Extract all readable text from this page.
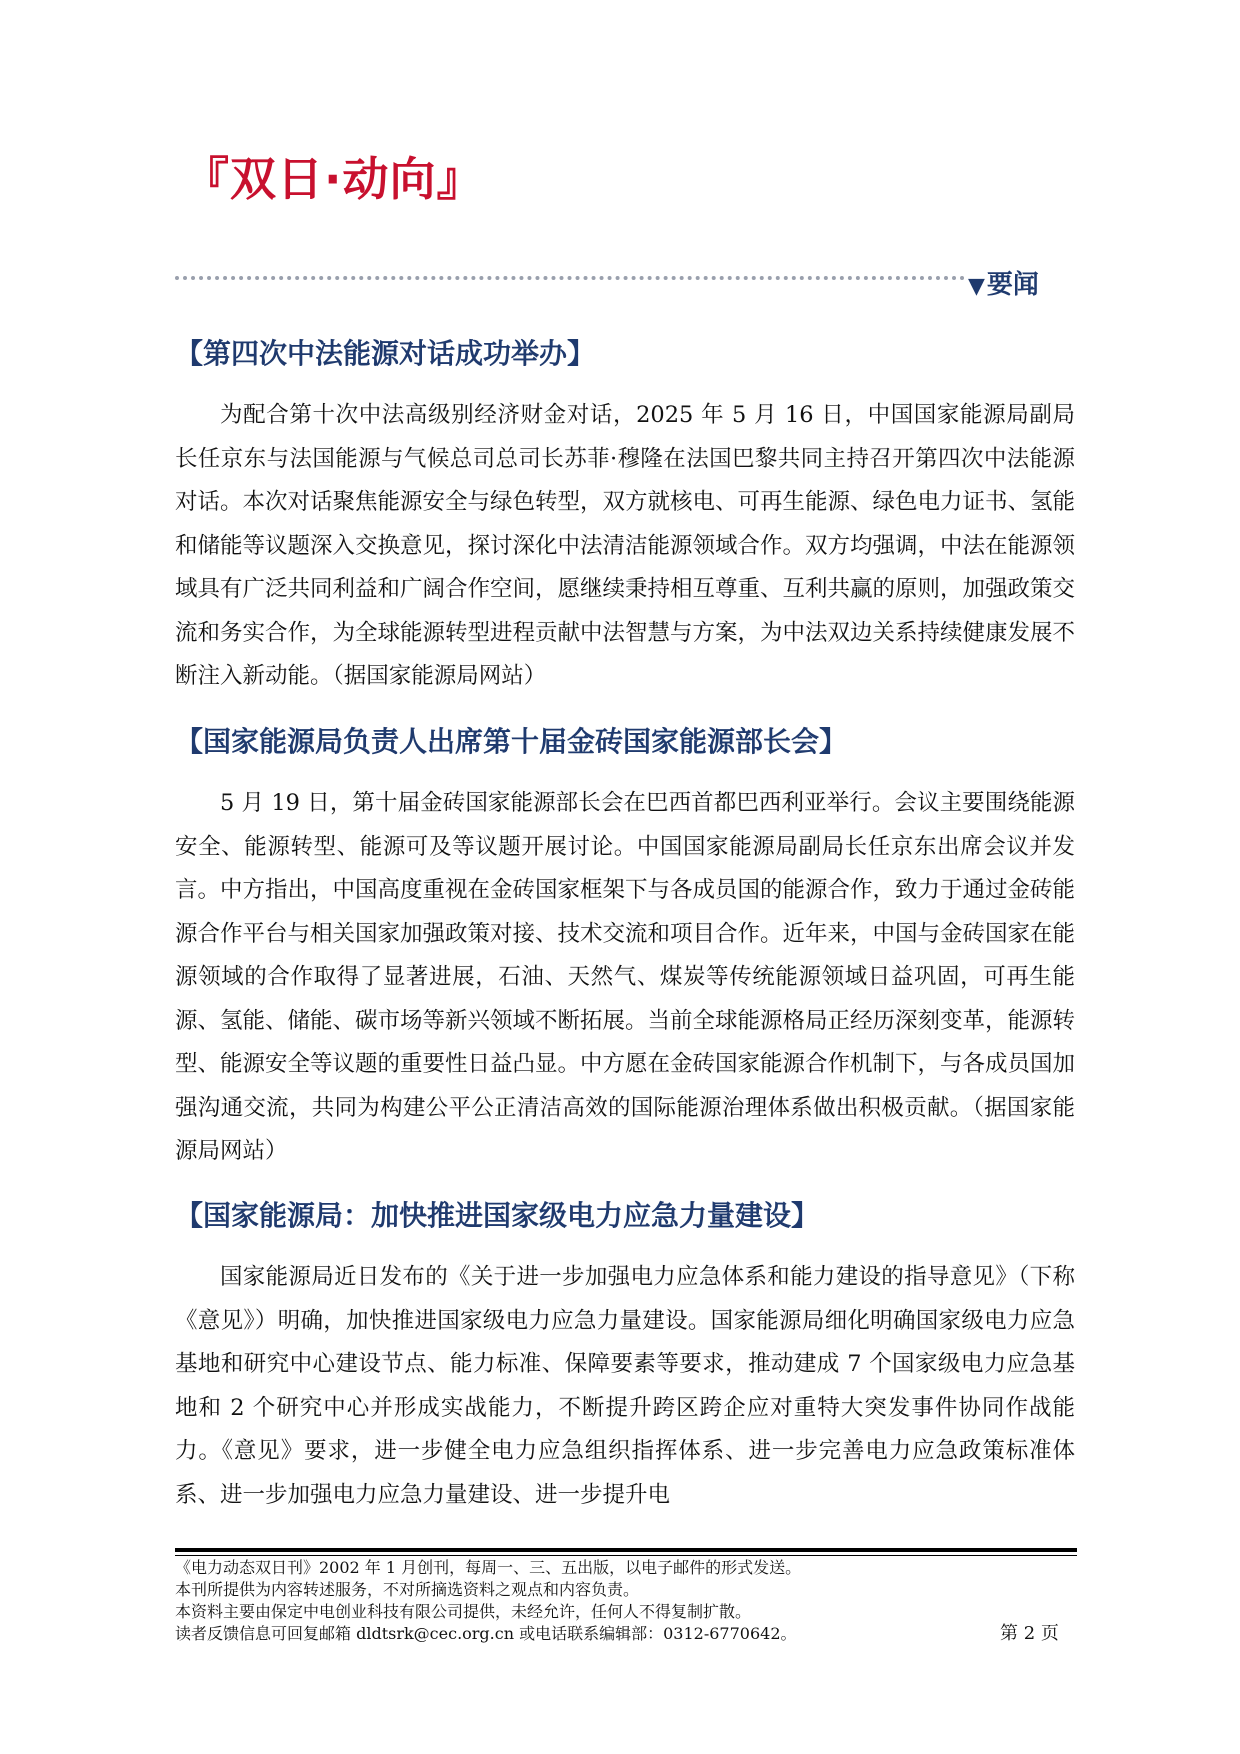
『双日·动向』
▼要闻
【第四次中法能源对话成功举办】

为配合第十次中法高级别经济财金对话，2025 年 5 月 16 日，中国国家能源局副局长任京东与法国能源与气候总司总司长苏菲·穆隆在法国巴黎共同主持召开第四次中法能源对话。本次对话聚焦能源安全与绿色转型，双方就核电、可再生能源、绿色电力证书、氢能和储能等议题深入交换意见，探讨深化中法清洁能源领域合作。双方均强调，中法在能源领域具有广泛共同利益和广阔合作空间，愿继续秉持相互尊重、互利共赢的原则，加强政策交流和务实合作，为全球能源转型进程贡献中法智慧与方案，为中法双边关系持续健康发展不断注入新动能。（据国家能源局网站）

【国家能源局负责人出席第十届金砖国家能源部长会】

5 月 19 日，第十届金砖国家能源部长会在巴西首都巴西利亚举行。会议主要围绕能源安全、能源转型、能源可及等议题开展讨论。中国国家能源局副局长任京东出席会议并发言。中方指出，中国高度重视在金砖国家框架下与各成员国的能源合作，致力于通过金砖能源合作平台与相关国家加强政策对接、技术交流和项目合作。近年来，中国与金砖国家在能源领域的合作取得了显著进展，石油、天然气、煤炭等传统能源领域日益巩固，可再生能源、氢能、储能、碳市场等新兴领域不断拓展。当前全球能源格局正经历深刻变革，能源转型、能源安全等议题的重要性日益凸显。中方愿在金砖国家能源合作机制下，与各成员国加强沟通交流，共同为构建公平公正清洁高效的国际能源治理体系做出积极贡献。（据国家能源局网站）

【国家能源局：加快推进国家级电力应急力量建设】

国家能源局近日发布的《关于进一步加强电力应急体系和能力建设的指导意见》（下称《意见》）明确，加快推进国家级电力应急力量建设。国家能源局细化明确国家级电力应急基地和研究中心建设节点、能力标准、保障要素等要求，推动建成 7 个国家级电力应急基地和 2 个研究中心并形成实战能力，不断提升跨区跨企应对重特大突发事件协同作战能力。《意见》要求，进一步健全电力应急组织指挥体系、进一步完善电力应急政策标准体系、进一步加强电力应急力量建设、进一步提升电

《电力动态双日刊》2002 年 1 月创刊，每周一、三、五出版，以电子邮件的形式发送。

本刊所提供为内容转述服务，不对所摘选资料之观点和内容负责。

本资料主要由保定中电创业科技有限公司提供，未经允许，任何人不得复制扩散。

读者反馈信息可回复邮箱 dldtsrk@cec.org.cn 或电话联系编辑部：0312-6770642。	第 2 页
